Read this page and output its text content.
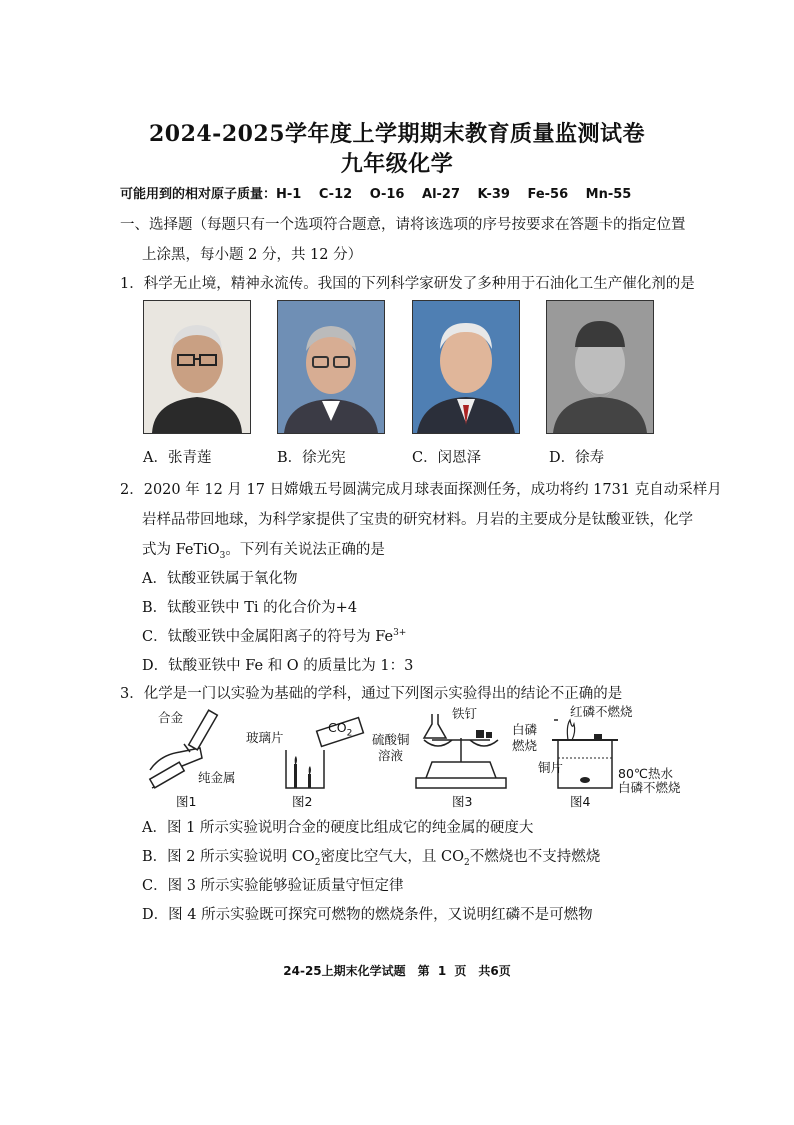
2024-2025学年度上学期期末教育质量监测试卷
九年级化学
可能用到的相对原子质量：H-1　 C-12　 O-16　 Al-27　 K-39　 Fe-56　 Mn-55
一、选择题（每题只有一个选项符合题意，请将该选项的序号按要求在答题卡的指定位置
上涂黑，每小题 2 分，共 12 分）
1．科学无止境，精神永流传。我国的下列科学家研发了多种用于石油化工生产催化剂的是
A．张青莲	B．徐光宪	C．闵恩泽	D．徐寿
2．2020 年 12 月 17 日嫦娥五号圆满完成月球表面探测任务，成功将约 1731 克自动采样月
岩样品带回地球，为科学家提供了宝贵的研究材料。月岩的主要成分是钛酸亚铁，化学
式为 FeTiO$_3$。下列有关说法正确的是
A．钛酸亚铁属于氧化物
B．钛酸亚铁中 Ti 的化合价为+4
C．钛酸亚铁中金属阳离子的符号为 $Fe^{3+}$
D．钛酸亚铁中 Fe 和 O 的质量比为 1：3
3．化学是一门以实验为基础的学科，通过下列图示实验得出的结论不正确的是
合金
纯金属
图1
玻璃片
$CO_2$
图2
铁钉
硫酸铜
溶液
图3
红磷不燃烧
白磷
燃烧
铜片	80℃热水
白磷不燃烧
图4
A．图 1 所示实验说明合金的硬度比组成它的纯金属的硬度大
B．图 2 所示实验说明 $CO_2$密度比空气大，且 $CO_2$不燃烧也不支持燃烧
C．图 3 所示实验能够验证质量守恒定律
D．图 4 所示实验既可探究可燃物的燃烧条件，又说明红磷不是可燃物
24-25上期末化学试题　第 1 页　共6页
